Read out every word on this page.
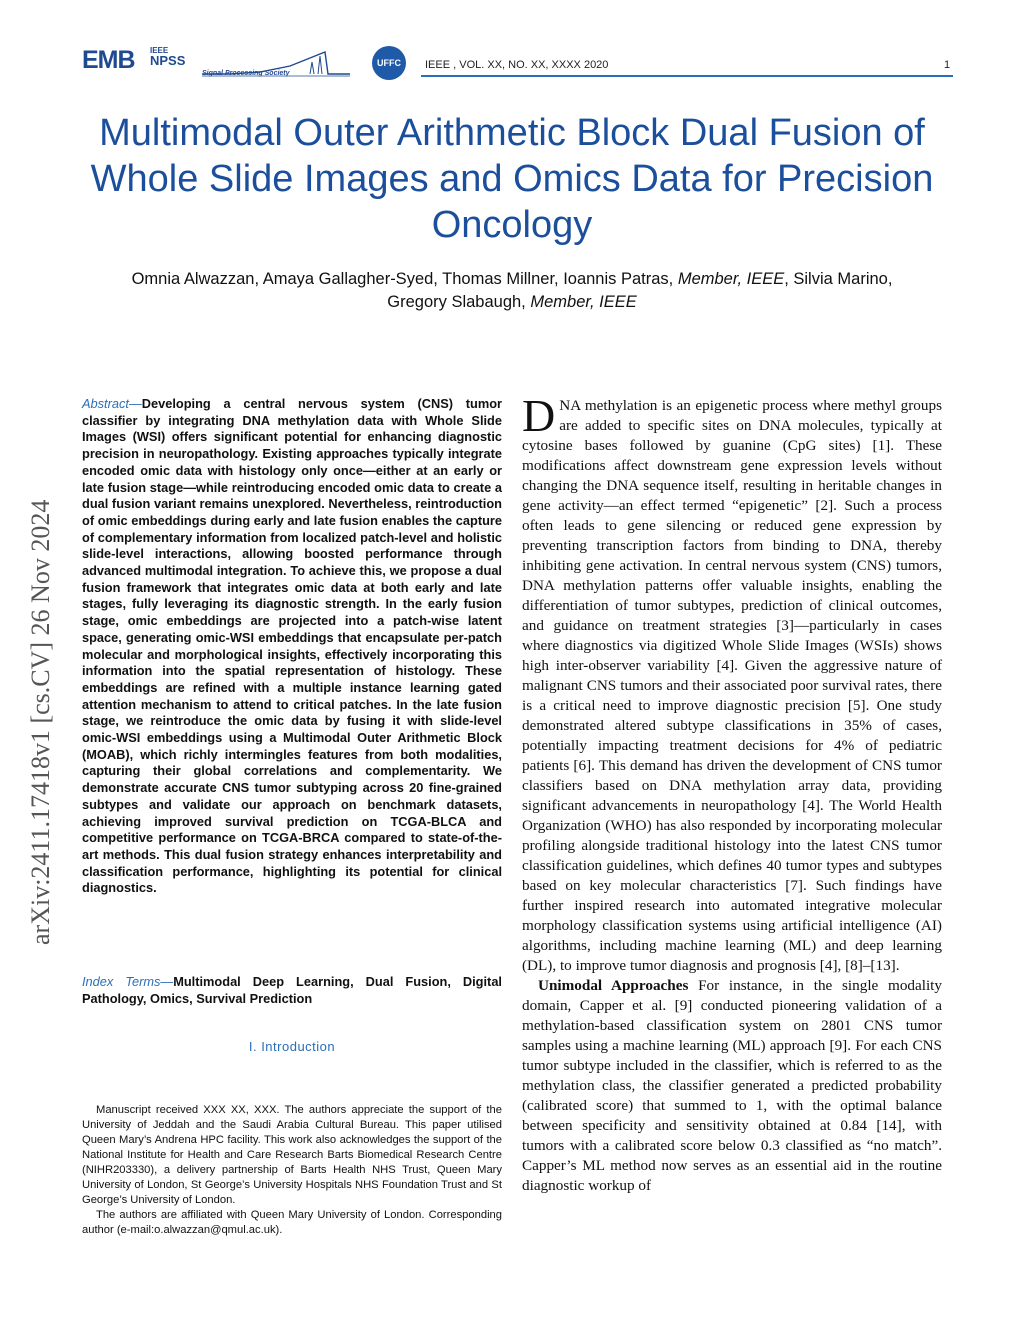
EMB IEEE
NPSS
Signal Processing Society
UFFC	IEEE , VOL. XX, NO. XX, XXXX 2020	1
Multimodal Outer Arithmetic Block Dual Fusion of Whole Slide Images and Omics Data for Precision Oncology
Omnia Alwazzan, Amaya Gallagher-Syed, Thomas Millner, Ioannis Patras, Member, IEEE, Silvia Marino,
Gregory Slabaugh, Member, IEEE
arXiv:2411.17418v1 [cs.CV] 26 Nov 2024
Abstract—Developing a central nervous system (CNS) tumor classifier by integrating DNA methylation data with Whole Slide Images (WSI) offers significant potential for enhancing diagnostic precision in neuropathology. Existing approaches typically integrate encoded omic data with histology only once—either at an early or late fusion stage—while reintroducing encoded omic data to create a dual fusion variant remains unexplored. Nevertheless, reintroduction of omic embeddings during early and late fusion enables the capture of complementary information from localized patch-level and holistic slide-level interactions, allowing boosted performance through advanced multimodal integration. To achieve this, we propose a dual fusion framework that integrates omic data at both early and late stages, fully leveraging its diagnostic strength. In the early fusion stage, omic embeddings are projected into a patch-wise latent space, generating omic-WSI embeddings that encapsulate per-patch molecular and morphological insights, effectively incorporating this information into the spatial representation of histology. These embeddings are refined with a multiple instance learning gated attention mechanism to attend to critical patches. In the late fusion stage, we reintroduce the omic data by fusing it with slide-level omic-WSI embeddings using a Multimodal Outer Arithmetic Block (MOAB), which richly intermingles features from both modalities, capturing their global correlations and complementarity. We demonstrate accurate CNS tumor subtyping across 20 fine-grained subtypes and validate our approach on benchmark datasets, achieving improved survival prediction on TCGA-BLCA and competitive performance on TCGA-BRCA compared to state-of-the-art methods. This dual fusion strategy enhances interpretability and classification performance, highlighting its potential for clinical diagnostics.
Index Terms—Multimodal Deep Learning, Dual Fusion, Digital Pathology, Omics, Survival Prediction
I. Introduction

Manuscript received XXX XX, XXX. The authors appreciate the support of the University of Jeddah and the Saudi Arabia Cultural Bureau. This paper utilised Queen Mary’s Andrena HPC facility. This work also acknowledges the support of the National Institute for Health and Care Research Barts Biomedical Research Centre (NIHR203330), a delivery partnership of Barts Health NHS Trust, Queen Mary University of London, St George’s University Hospitals NHS Foundation Trust and St George’s University of London.

The authors are affiliated with Queen Mary University of London. Corresponding author (e-mail:o.alwazzan@qmul.ac.uk).

DNA methylation is an epigenetic process where methyl groups are added to specific sites on DNA molecules, typically at cytosine bases followed by guanine (CpG sites) [1]. These modifications affect downstream gene expression levels without changing the DNA sequence itself, resulting in heritable changes in gene activity—an effect termed “epigenetic” [2]. Such a process often leads to gene silencing or reduced gene expression by preventing transcription factors from binding to DNA, thereby inhibiting gene activation. In central nervous system (CNS) tumors, DNA methylation patterns offer valuable insights, enabling the differentiation of tumor subtypes, prediction of clinical outcomes, and guidance on treatment strategies [3]—particularly in cases where diagnostics via digitized Whole Slide Images (WSIs) shows high inter-observer variability [4]. Given the aggressive nature of malignant CNS tumors and their associated poor survival rates, there is a critical need to improve diagnostic precision [5]. One study demonstrated altered subtype classifications in 35% of cases, potentially impacting treatment decisions for 4% of pediatric patients [6]. This demand has driven the development of CNS tumor classifiers based on DNA methylation array data, providing significant advancements in neuropathology [4]. The World Health Organization (WHO) has also responded by incorporating molecular profiling alongside traditional histology into the latest CNS tumor classification guidelines, which defines 40 tumor types and subtypes based on key molecular characteristics [7]. Such findings have further inspired research into automated integrative molecular morphology classification systems using artificial intelligence (AI) algorithms, including machine learning (ML) and deep learning (DL), to improve tumor diagnosis and prognosis [4], [8]–[13].

Unimodal Approaches For instance, in the single modality domain, Capper et al. [9] conducted pioneering validation of a methylation-based classification system on 2801 CNS tumor samples using a machine learning (ML) approach [9]. For each CNS tumor subtype included in the classifier, which is referred to as the methylation class, the classifier generated a predicted probability (calibrated score) that summed to 1, with the optimal balance between specificity and sensitivity obtained at 0.84 [14], with tumors with a calibrated score below 0.3 classified as “no match”. Capper’s ML method now serves as an essential aid in the routine diagnostic workup of
